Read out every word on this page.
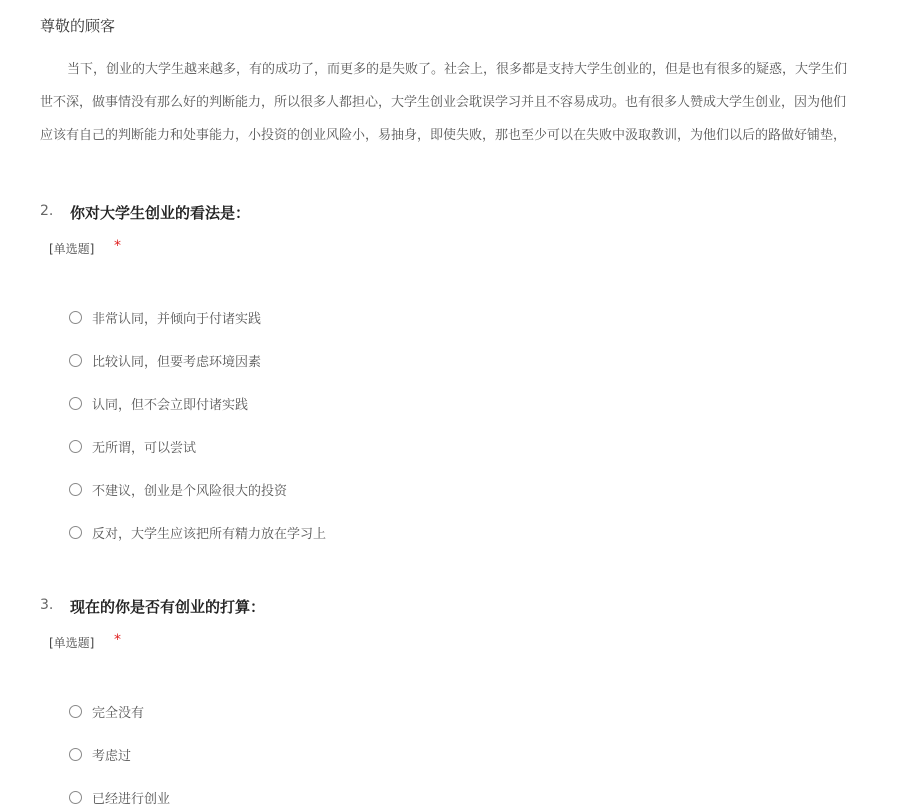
尊敬的顾客
当下，创业的大学生越来越多，有的成功了，而更多的是失败了。社会上，很多都是支持大学生创业的，但是也有很多的疑惑，大学生们
世不深，做事情没有那么好的判断能力，所以很多人都担心，大学生创业会耽误学习并且不容易成功。也有很多人赞成大学生创业，因为他们
应该有自己的判断能力和处事能力，小投资的创业风险小，易抽身，即使失败，那也至少可以在失败中汲取教训，为他们以后的路做好铺垫，
2. 你对大学生创业的看法是：
[单选题] *
非常认同，并倾向于付诸实践
比较认同，但要考虑环境因素
认同，但不会立即付诸实践
无所谓，可以尝试
不建议，创业是个风险很大的投资
反对，大学生应该把所有精力放在学习上
3. 现在的你是否有创业的打算：
[单选题] *
完全没有
考虑过
已经进行创业
